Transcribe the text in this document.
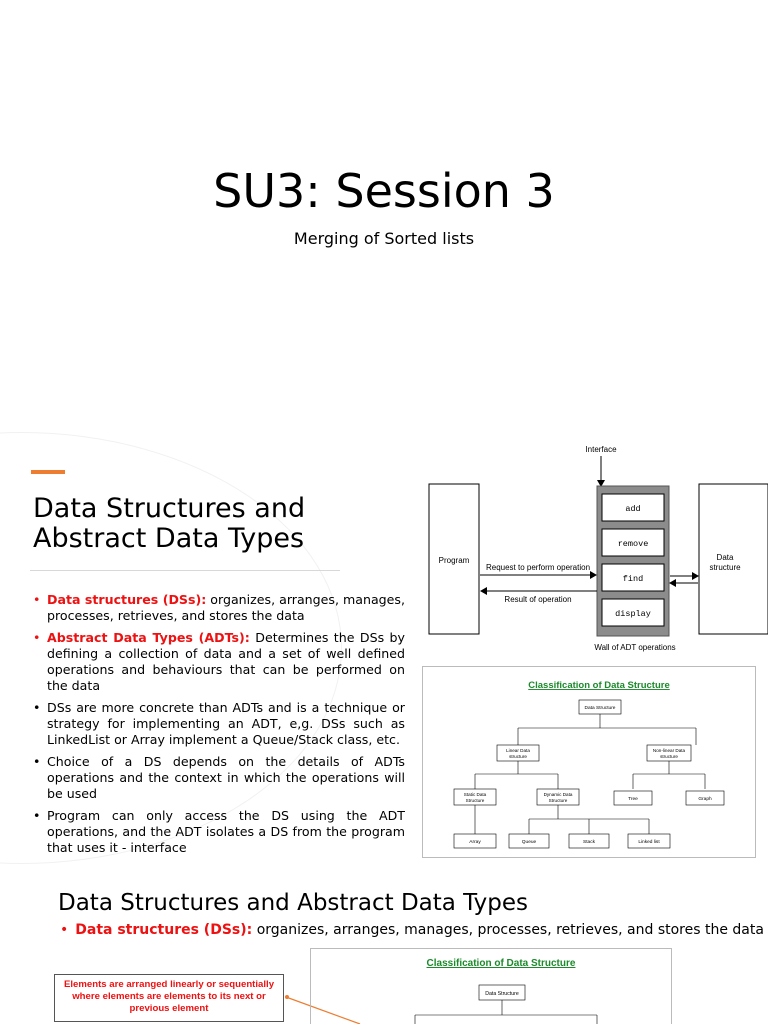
SU3: Session 3
Merging of Sorted lists
Data Structures and
Abstract Data Types
• Data structures (DSs): organizes, arranges, manages, processes, retrieves, and stores the data
• Abstract Data Types (ADTs): Determines the DSs by defining a collection of data and a set of well defined operations and behaviours that can be performed on the data
• DSs are more concrete than ADTs and is a technique or strategy for implementing an ADT, e,g. DSs such as LinkedList or Array implement a Queue/Stack class, etc.
• Choice of a DS depends on the details of ADTs operations and the context in which the operations will be used
• Program can only access the DS using the ADT operations, and the ADT isolates a DS from the program that uses it - interface
Interface
Program
add
remove
find
display
Data
structure
Request to perform operation
Result of operation
Wall of ADT operations
Classification of Data Structure
Data Structure
Linear Data
structure
Non-linear Data
structure
Static Data
Structure
Dynamic Data
Structure	Tree	Graph
Array	Queue	Stack	Linked list
Data Structures and Abstract Data Types
• Data structures (DSs): organizes, arranges, manages, processes, retrieves, and stores the data
Elements are arranged linearly or sequentially
where elements are elements to its next or
previous element
Classification of Data Structure
Data Structure
